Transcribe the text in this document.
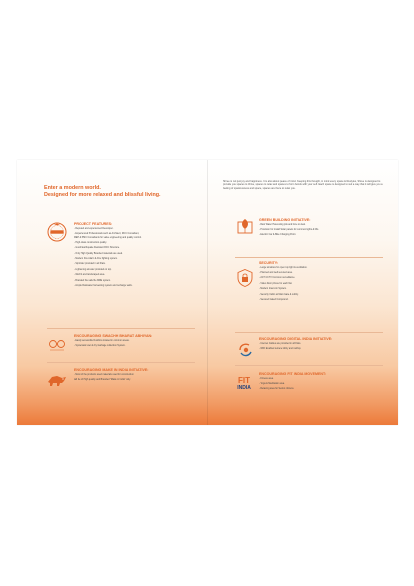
Enter a modern world.
Designed for more relaxed and blissful living.
PROJECT FEATURES:
- Reputed and experienced Developer.
- Experienced Professionals such as Architect, RCC Consultant,
MEP & PMC Consultants for value engineering and quality control.
- High-class construction quality.
- Good Earthquake Resistant RCC Structure.
- Only High Quality Branded materials are used.
- Modern Fire Alarm & Fire fighting system.
- Sprinkler provided in all Flats.
- Lightening arrester provided on top.
- Well lit and landscaped area.
- Branded fire safe file MRE system.
- Ample Rainwater harvesting system and recharge wells.
ENCOURAGING SWACHH BHARAT ABHIYAN:
- Easily accessible Dustbins located in common areas.
- Systematic wet & dry Garbage collection System.
ENCOURAGING MAKE IN INDIA INITIATIVE:
- Most of the products used materials used for construction
will be of High quality and Branded "Made in India" only.
Shree is not just joy and happiness. It is also about peace of mind. Keeping this thought, in mind every space & lifestyles, Shree is designed to provide you spaces to thrive, spaces to relax and spaces to form bonds with your self. Each space is designed to suit a way that it will give you a feeling of spaciousness and space, spaces are there to relax you.
GREEN BUILDING INITIATIVE:
- Rain Water Harvesting pits and bore to deal.
- Provision for Install Solar panels for common lights & lifts.
- Electric Car & Bike Charging Point.
SECURITY:
- Large windows for open top light & ventilation.
- Planned and well secured area.
- 24/7 CCTV Common surveillance.
- Video Door phone for each flat.
- Modern Intercom System.
- Security Cabin at Main Gate & Lobby.
- Secured Gated Compound.
ENCOURAGING DIGITAL INDIA INITIATIVE:
- Internet Cables are provided in all Flats.
- WIFI Enabled terrace lobby and rooftop.
FIT
INDIA
ENCOURAGING FIT INDIA MOVEMENT:
- Fitness area.
- Yoga & Meditation area.
- Relaxing area for Senior citizens.
